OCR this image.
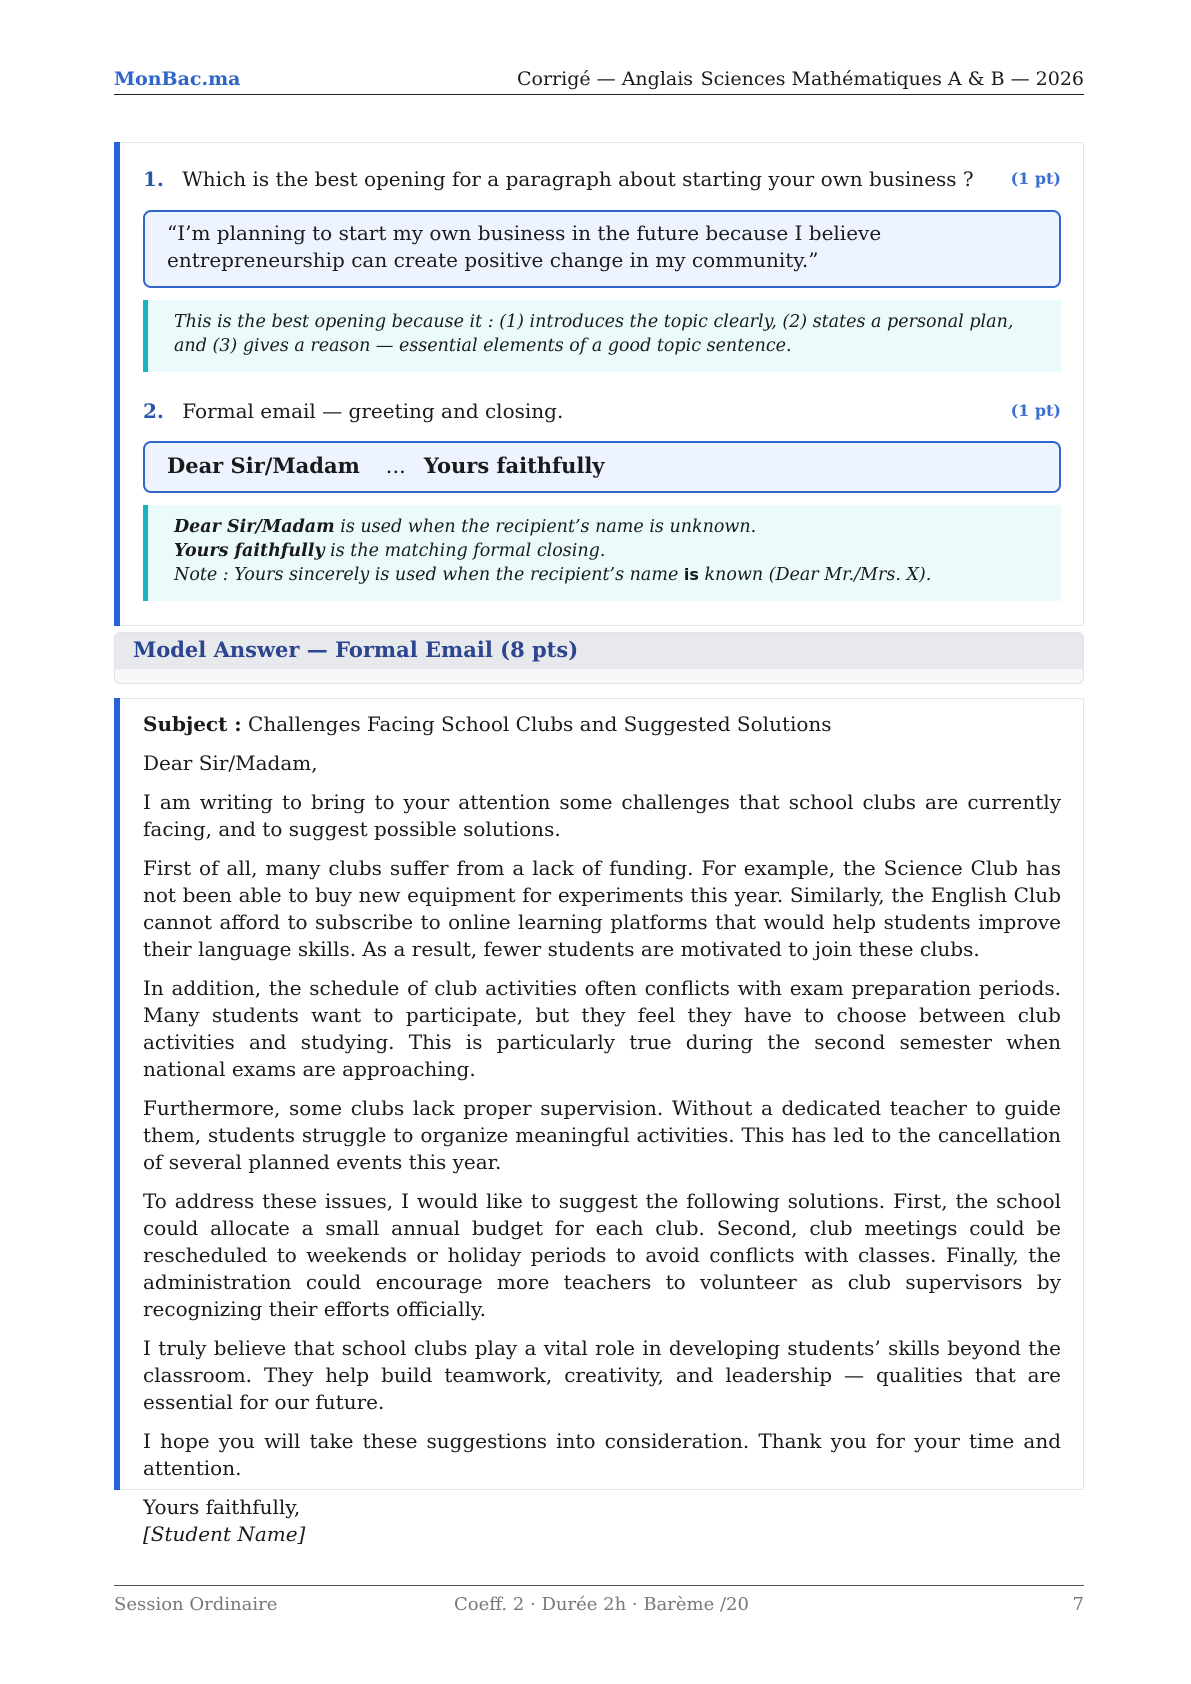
MonBac.ma	Corrigé — Anglais Sciences Mathématiques A & B — 2026
1. Which is the best opening for a paragraph about starting your own business ? (1 pt)
“I’m planning to start my own business in the future because I believe entrepreneurship can create positive change in my community.”
This is the best opening because it : (1) introduces the topic clearly, (2) states a personal plan, and (3) gives a reason — essential elements of a good topic sentence.
2. Formal email — greeting and closing.	(1 pt)
Dear Sir/Madam ... Yours faithfully
Dear Sir/Madam is used when the recipient’s name is unknown.
Yours faithfully is the matching formal closing.
Note : Yours sincerely is used when the recipient’s name is known (Dear Mr./Mrs. X).
Model Answer — Formal Email (8 pts)

Subject : Challenges Facing School Clubs and Suggested Solutions

Dear Sir/Madam,

I am writing to bring to your attention some challenges that school clubs are currently facing, and to suggest possible solutions.

First of all, many clubs suffer from a lack of funding. For example, the Science Club has not been able to buy new equipment for experiments this year. Similarly, the English Club cannot afford to subscribe to online learning platforms that would help students improve their language skills. As a result, fewer students are motivated to join these clubs.

In addition, the schedule of club activities often conflicts with exam preparation periods. Many students want to participate, but they feel they have to choose between club activities and studying. This is particularly true during the second semester when national exams are approaching.

Furthermore, some clubs lack proper supervision. Without a dedicated teacher to guide them, students struggle to organize meaningful activities. This has led to the cancellation of several planned events this year.

To address these issues, I would like to suggest the following solutions. First, the school could allocate a small annual budget for each club. Second, club meetings could be rescheduled to weekends or holiday periods to avoid conflicts with classes. Finally, the administration could encourage more teachers to volunteer as club supervisors by recognizing their efforts officially.

I truly believe that school clubs play a vital role in developing students’ skills beyond the classroom. They help build teamwork, creativity, and leadership — qualities that are essential for our future.

I hope you will take these suggestions into consideration. Thank you for your time and attention.

Yours faithfully,
[Student Name]

Session Ordinaire	Coeff. 2 · Durée 2h · Barème /20	7
